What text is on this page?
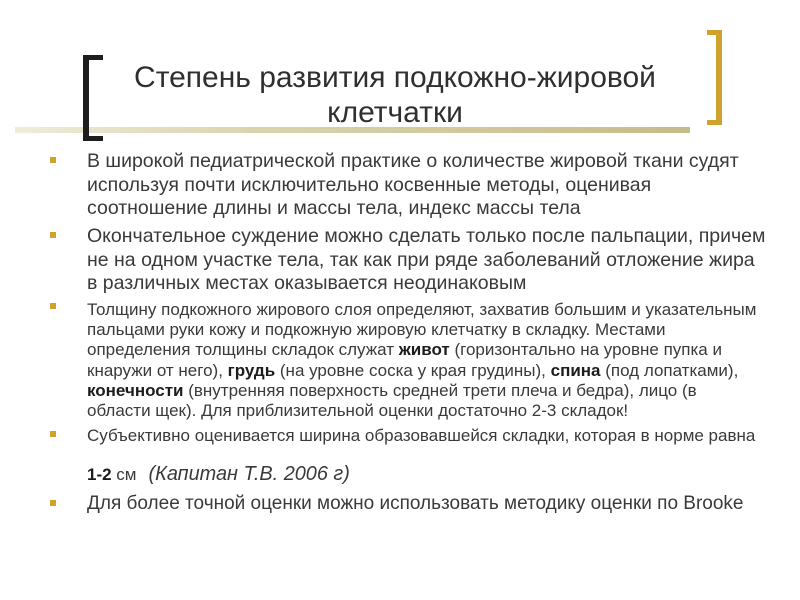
Степень развития подкожно-жировой
клетчатки
В широкой педиатрической практике о количестве жировой ткани судят
используя почти исключительно косвенные методы, оценивая
соотношение длины и массы тела, индекс массы тела
Окончательное суждение можно сделать только после пальпации, причем
не на одном участке тела, так как при ряде заболеваний отложение жира
в различных местах оказывается неодинаковым
Толщину подкожного жирового слоя определяют, захватив большим и указательным
пальцами руки кожу и подкожную жировую клетчатку в складку. Местами
определения толщины складок служат живот (горизонтально на уровне пупка и
кнаружи от него), грудь (на уровне соска у края грудины), спина (под лопатками),
конечности (внутренняя поверхность средней трети плеча и бедра), лицо (в
области щек). Для приблизительной оценки достаточно 2-3 складок!
Субъективно оценивается ширина образовавшейся складки, которая в норме равна
1-2 см (Капитан Т.В. 2006 г)
Для более точной оценки можно использовать методику оценки по Brooke
